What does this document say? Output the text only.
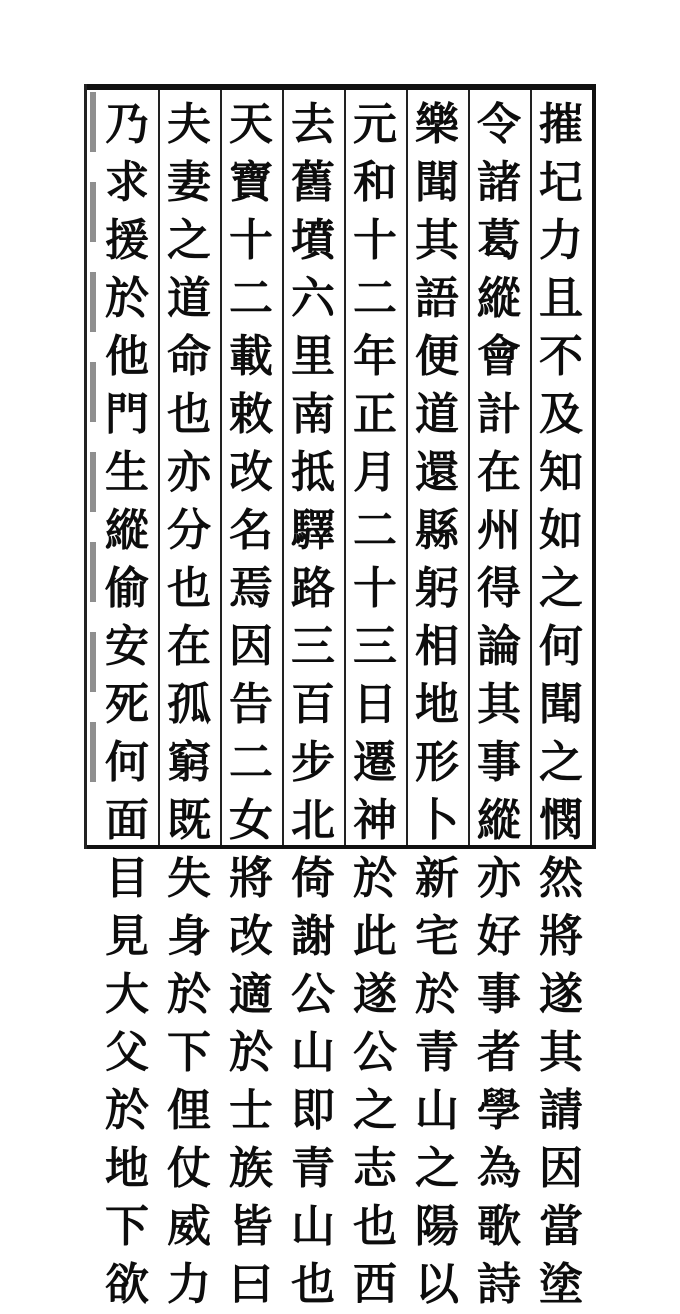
摧
圮
力
且
不
及
知
如
之
何
聞
之
憫
然
將
遂
其
請
因
當
塗
令
諸
葛
縱
會
計
在
州
得
論
其
事
縱
亦
好
事
者
學
為
歌
詩
樂
聞
其
語
便
道
還
縣
躬
相
地
形
卜
新
宅
於
青
山
之
陽
以
元
和
十
二
年
正
月
二
十
三
日
遷
神
於
此
遂
公
之
志
也
西
去
舊
墳
六
里
南
抵
驛
路
三
百
步
北
倚
謝
公
山
即
青
山
也
天
寶
十
二
載
敕
改
名
焉
因
告
二
女
將
改
適
於
士
族
皆
曰
夫
妻
之
道
命
也
亦
分
也
在
孤
窮
既
失
身
於
下
俚
仗
威
力
乃
求
援
於
他
門
生
縱
偷
安
死
何
面
目
見
大
父
於
地
下
欲
